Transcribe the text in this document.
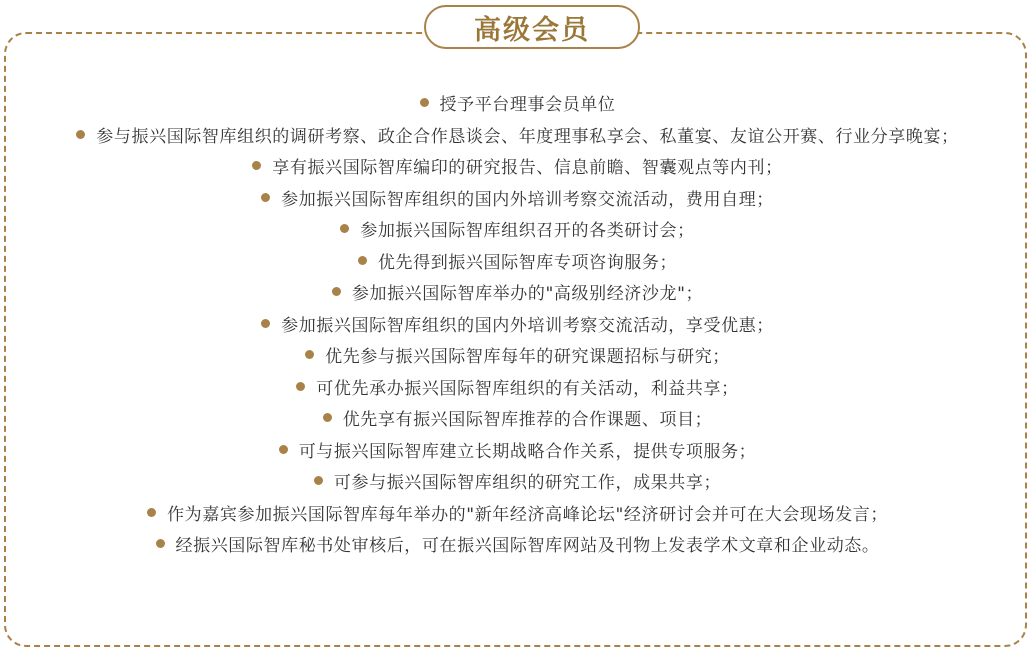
高级会员
授予平台理事会员单位
参与振兴国际智库组织的调研考察、政企合作恳谈会、年度理事私享会、私董宴、友谊公开赛、行业分享晚宴；
享有振兴国际智库编印的研究报告、信息前瞻、智囊观点等内刊；
参加振兴国际智库组织的国内外培训考察交流活动，费用自理；
参加振兴国际智库组织召开的各类研讨会；
优先得到振兴国际智库专项咨询服务；
参加振兴国际智库举办的"高级别经济沙龙"；
参加振兴国际智库组织的国内外培训考察交流活动，享受优惠；
优先参与振兴国际智库每年的研究课题招标与研究；
可优先承办振兴国际智库组织的有关活动，利益共享；
优先享有振兴国际智库推荐的合作课题、项目；
可与振兴国际智库建立长期战略合作关系，提供专项服务；
可参与振兴国际智库组织的研究工作，成果共享；
作为嘉宾参加振兴国际智库每年举办的"新年经济高峰论坛"经济研讨会并可在大会现场发言；
经振兴国际智库秘书处审核后，可在振兴国际智库网站及刊物上发表学术文章和企业动态。
